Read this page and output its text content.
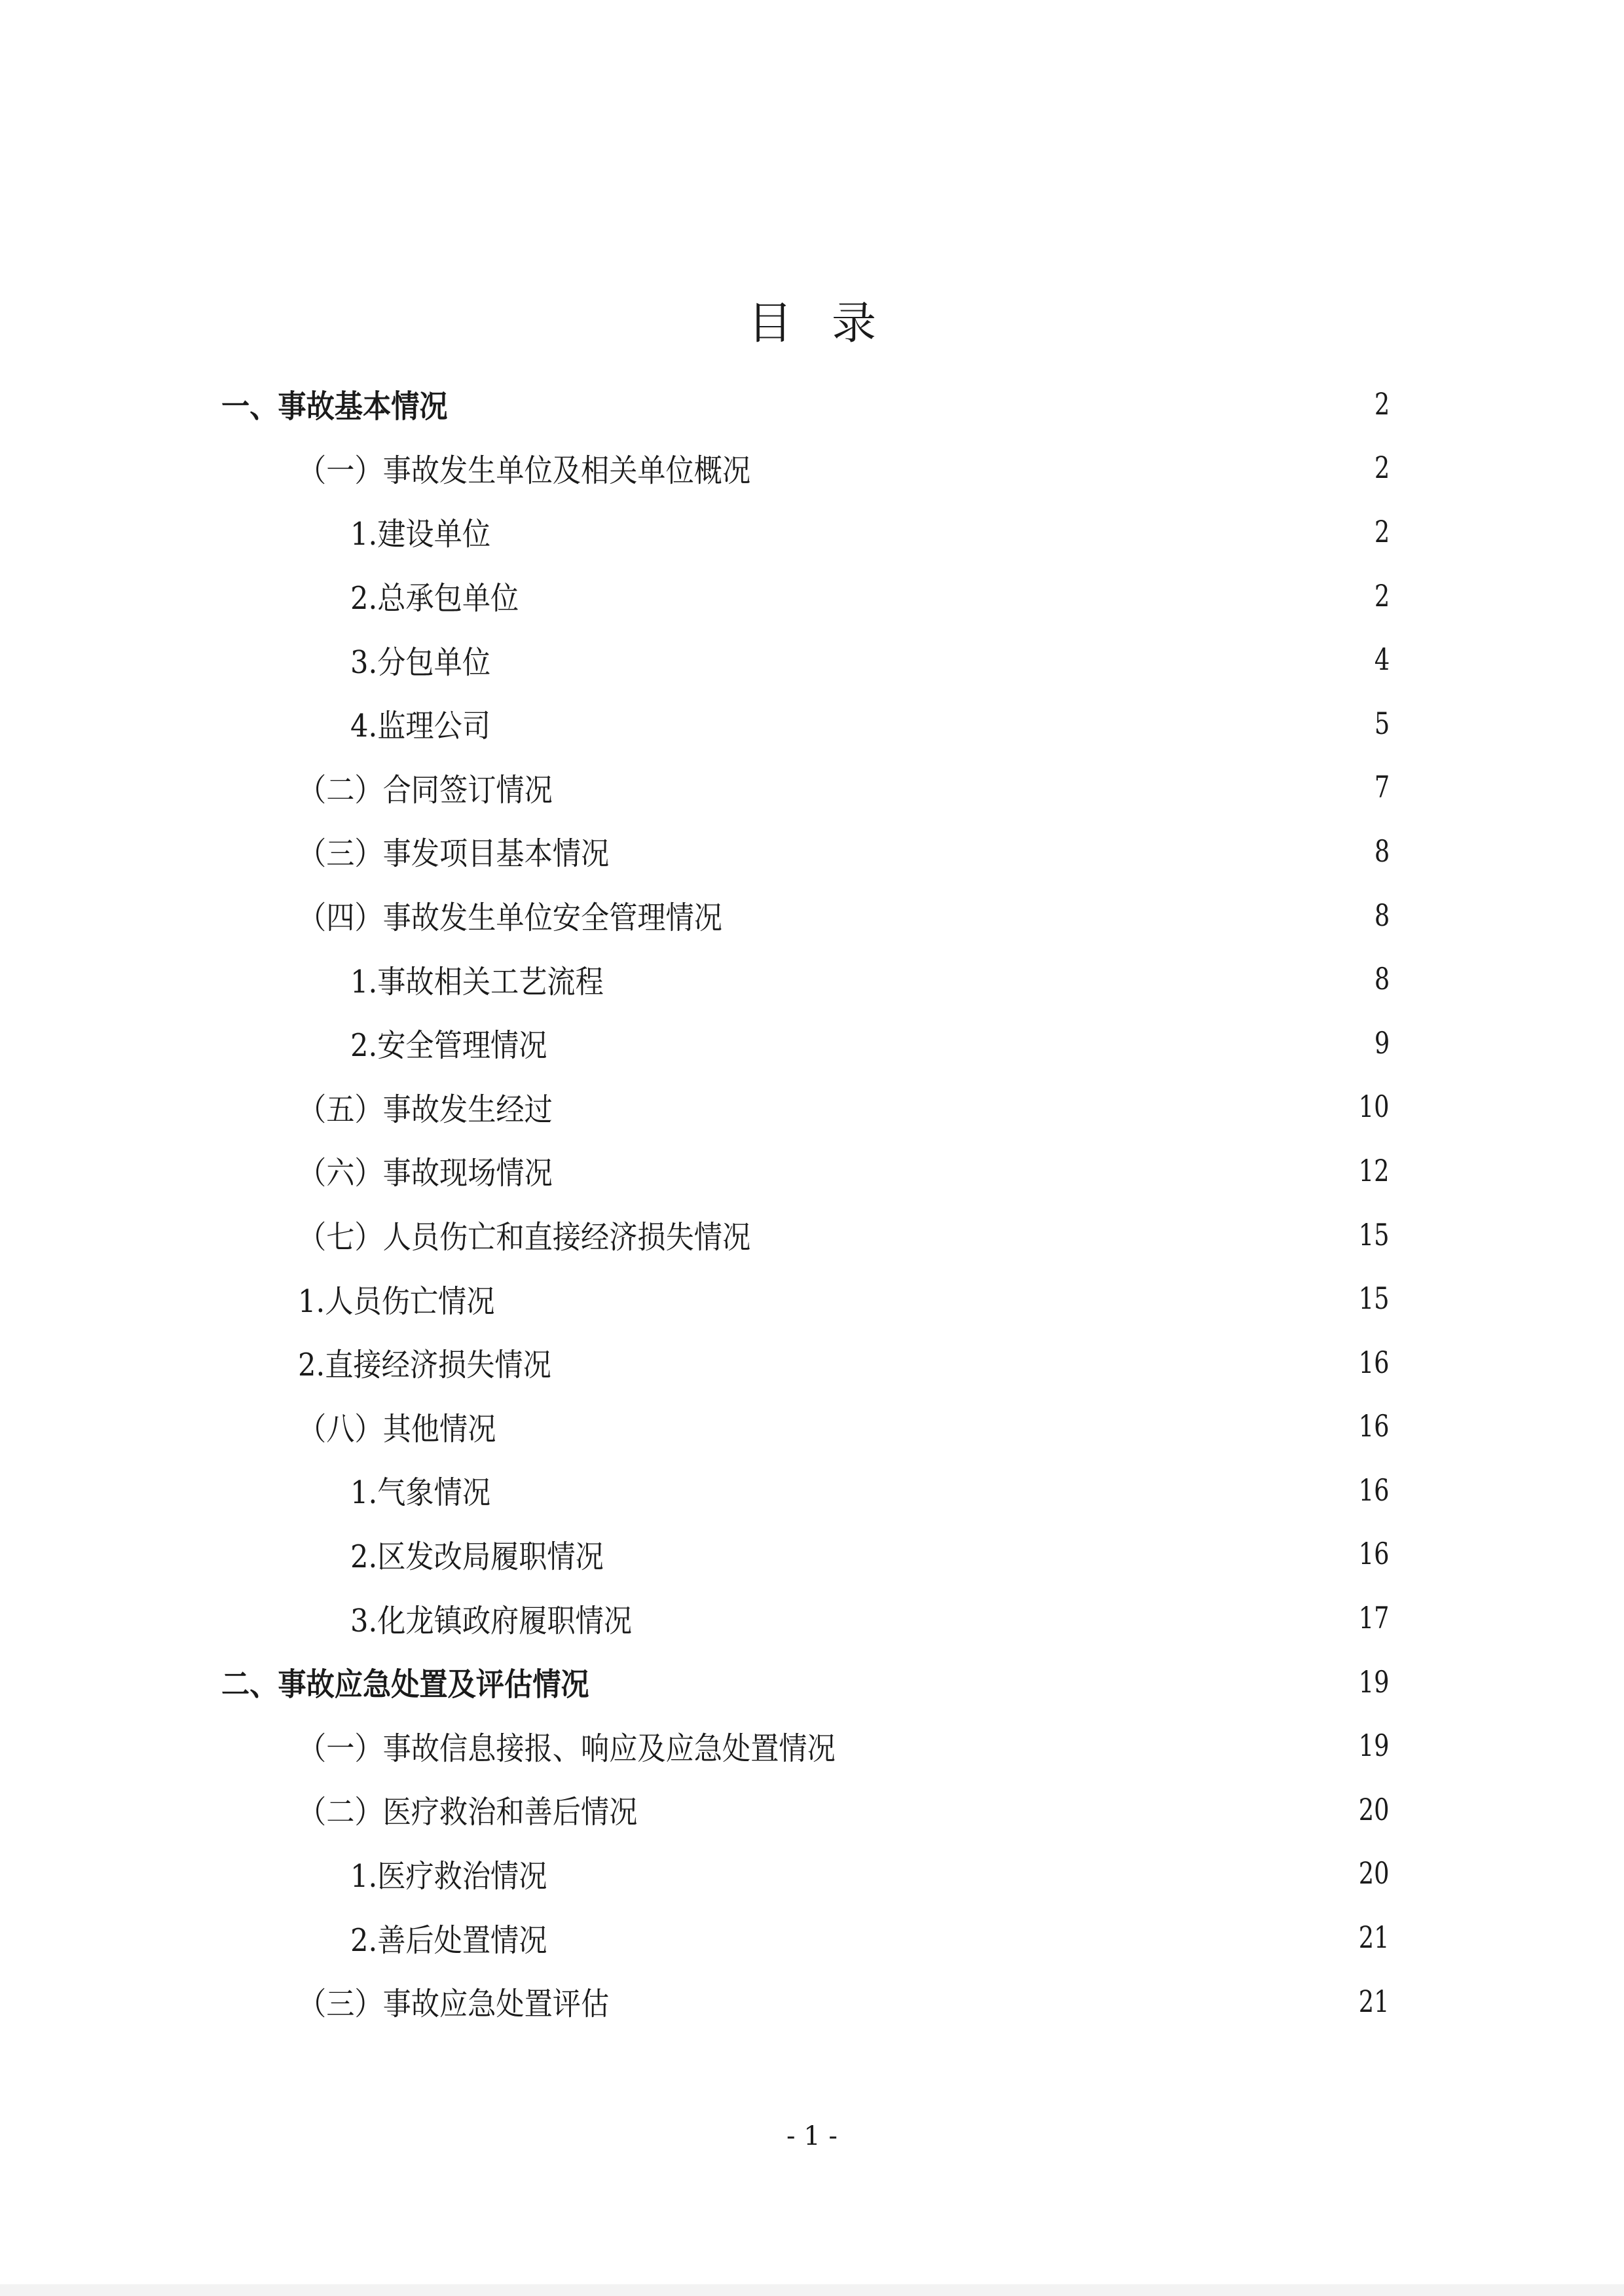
目录
一、事故基本情况	2
（一）事故发生单位及相关单位概况	2
1.建设单位	2
2.总承包单位	2
3.分包单位	4
4.监理公司	5
（二）合同签订情况	7
（三）事发项目基本情况	8
（四）事故发生单位安全管理情况	8
1.事故相关工艺流程	8
2.安全管理情况	9
（五）事故发生经过	10
（六）事故现场情况	12
（七）人员伤亡和直接经济损失情况	15
1.人员伤亡情况	15
2.直接经济损失情况	16
（八）其他情况	16
1.气象情况	16
2.区发改局履职情况	16
3.化龙镇政府履职情况	17
二、事故应急处置及评估情况	19
（一）事故信息接报、响应及应急处置情况	19
（二）医疗救治和善后情况	20
1.医疗救治情况	20
2.善后处置情况	21
（三）事故应急处置评估	21
- 1 -
